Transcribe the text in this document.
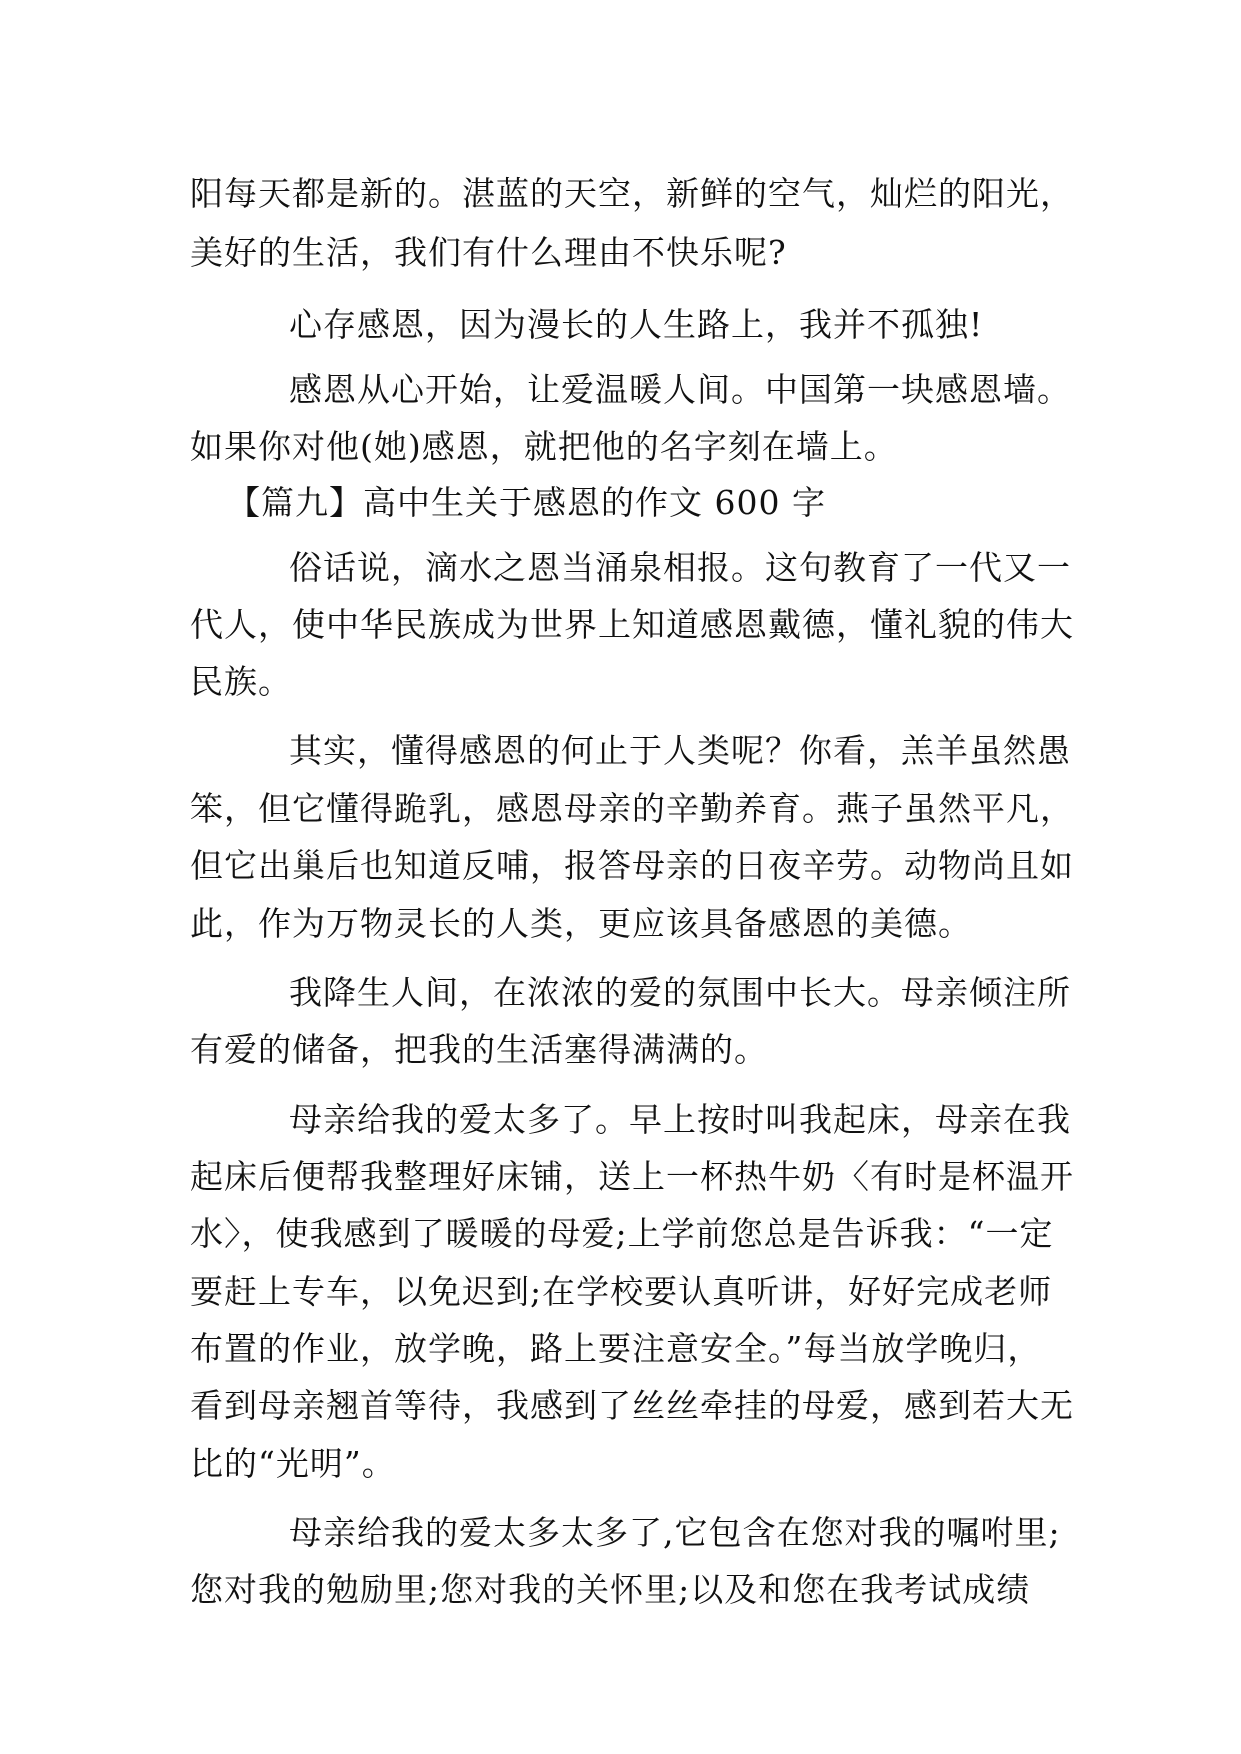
阳每天都是新的。湛蓝的天空，新鲜的空气，灿烂的阳光，
美好的生活，我们有什么理由不快乐呢?
心存感恩，因为漫长的人生路上，我并不孤独!
感恩从心开始，让爱温暖人间。中国第一块感恩墙。
如果你对他(她)感恩，就把他的名字刻在墙上。
【篇九】高中生关于感恩的作文 600 字
俗话说，滴水之恩当涌泉相报。这句教育了一代又一
代人，使中华民族成为世界上知道感恩戴德，懂礼貌的伟大
民族。
其实，懂得感恩的何止于人类呢？你看，羔羊虽然愚
笨，但它懂得跪乳，感恩母亲的辛勤养育。燕子虽然平凡，
但它出巢后也知道反哺，报答母亲的日夜辛劳。动物尚且如
此，作为万物灵长的人类，更应该具备感恩的美德。
我降生人间，在浓浓的爱的氛围中长大。母亲倾注所
有爱的储备，把我的生活塞得满满的。
母亲给我的爱太多了。早上按时叫我起床，母亲在我
起床后便帮我整理好床铺，送上一杯热牛奶〈有时是杯温开
水〉，使我感到了暖暖的母爱;上学前您总是告诉我：“一定
要赶上专车，以免迟到;在学校要认真听讲，好好完成老师
布置的作业，放学晚，路上要注意安全。”每当放学晚归，
看到母亲翘首等待，我感到了丝丝牵挂的母爱，感到若大无
比的“光明”。
母亲给我的爱太多太多了,它包含在您对我的嘱咐里;
您对我的勉励里;您对我的关怀里;以及和您在我考试成绩
